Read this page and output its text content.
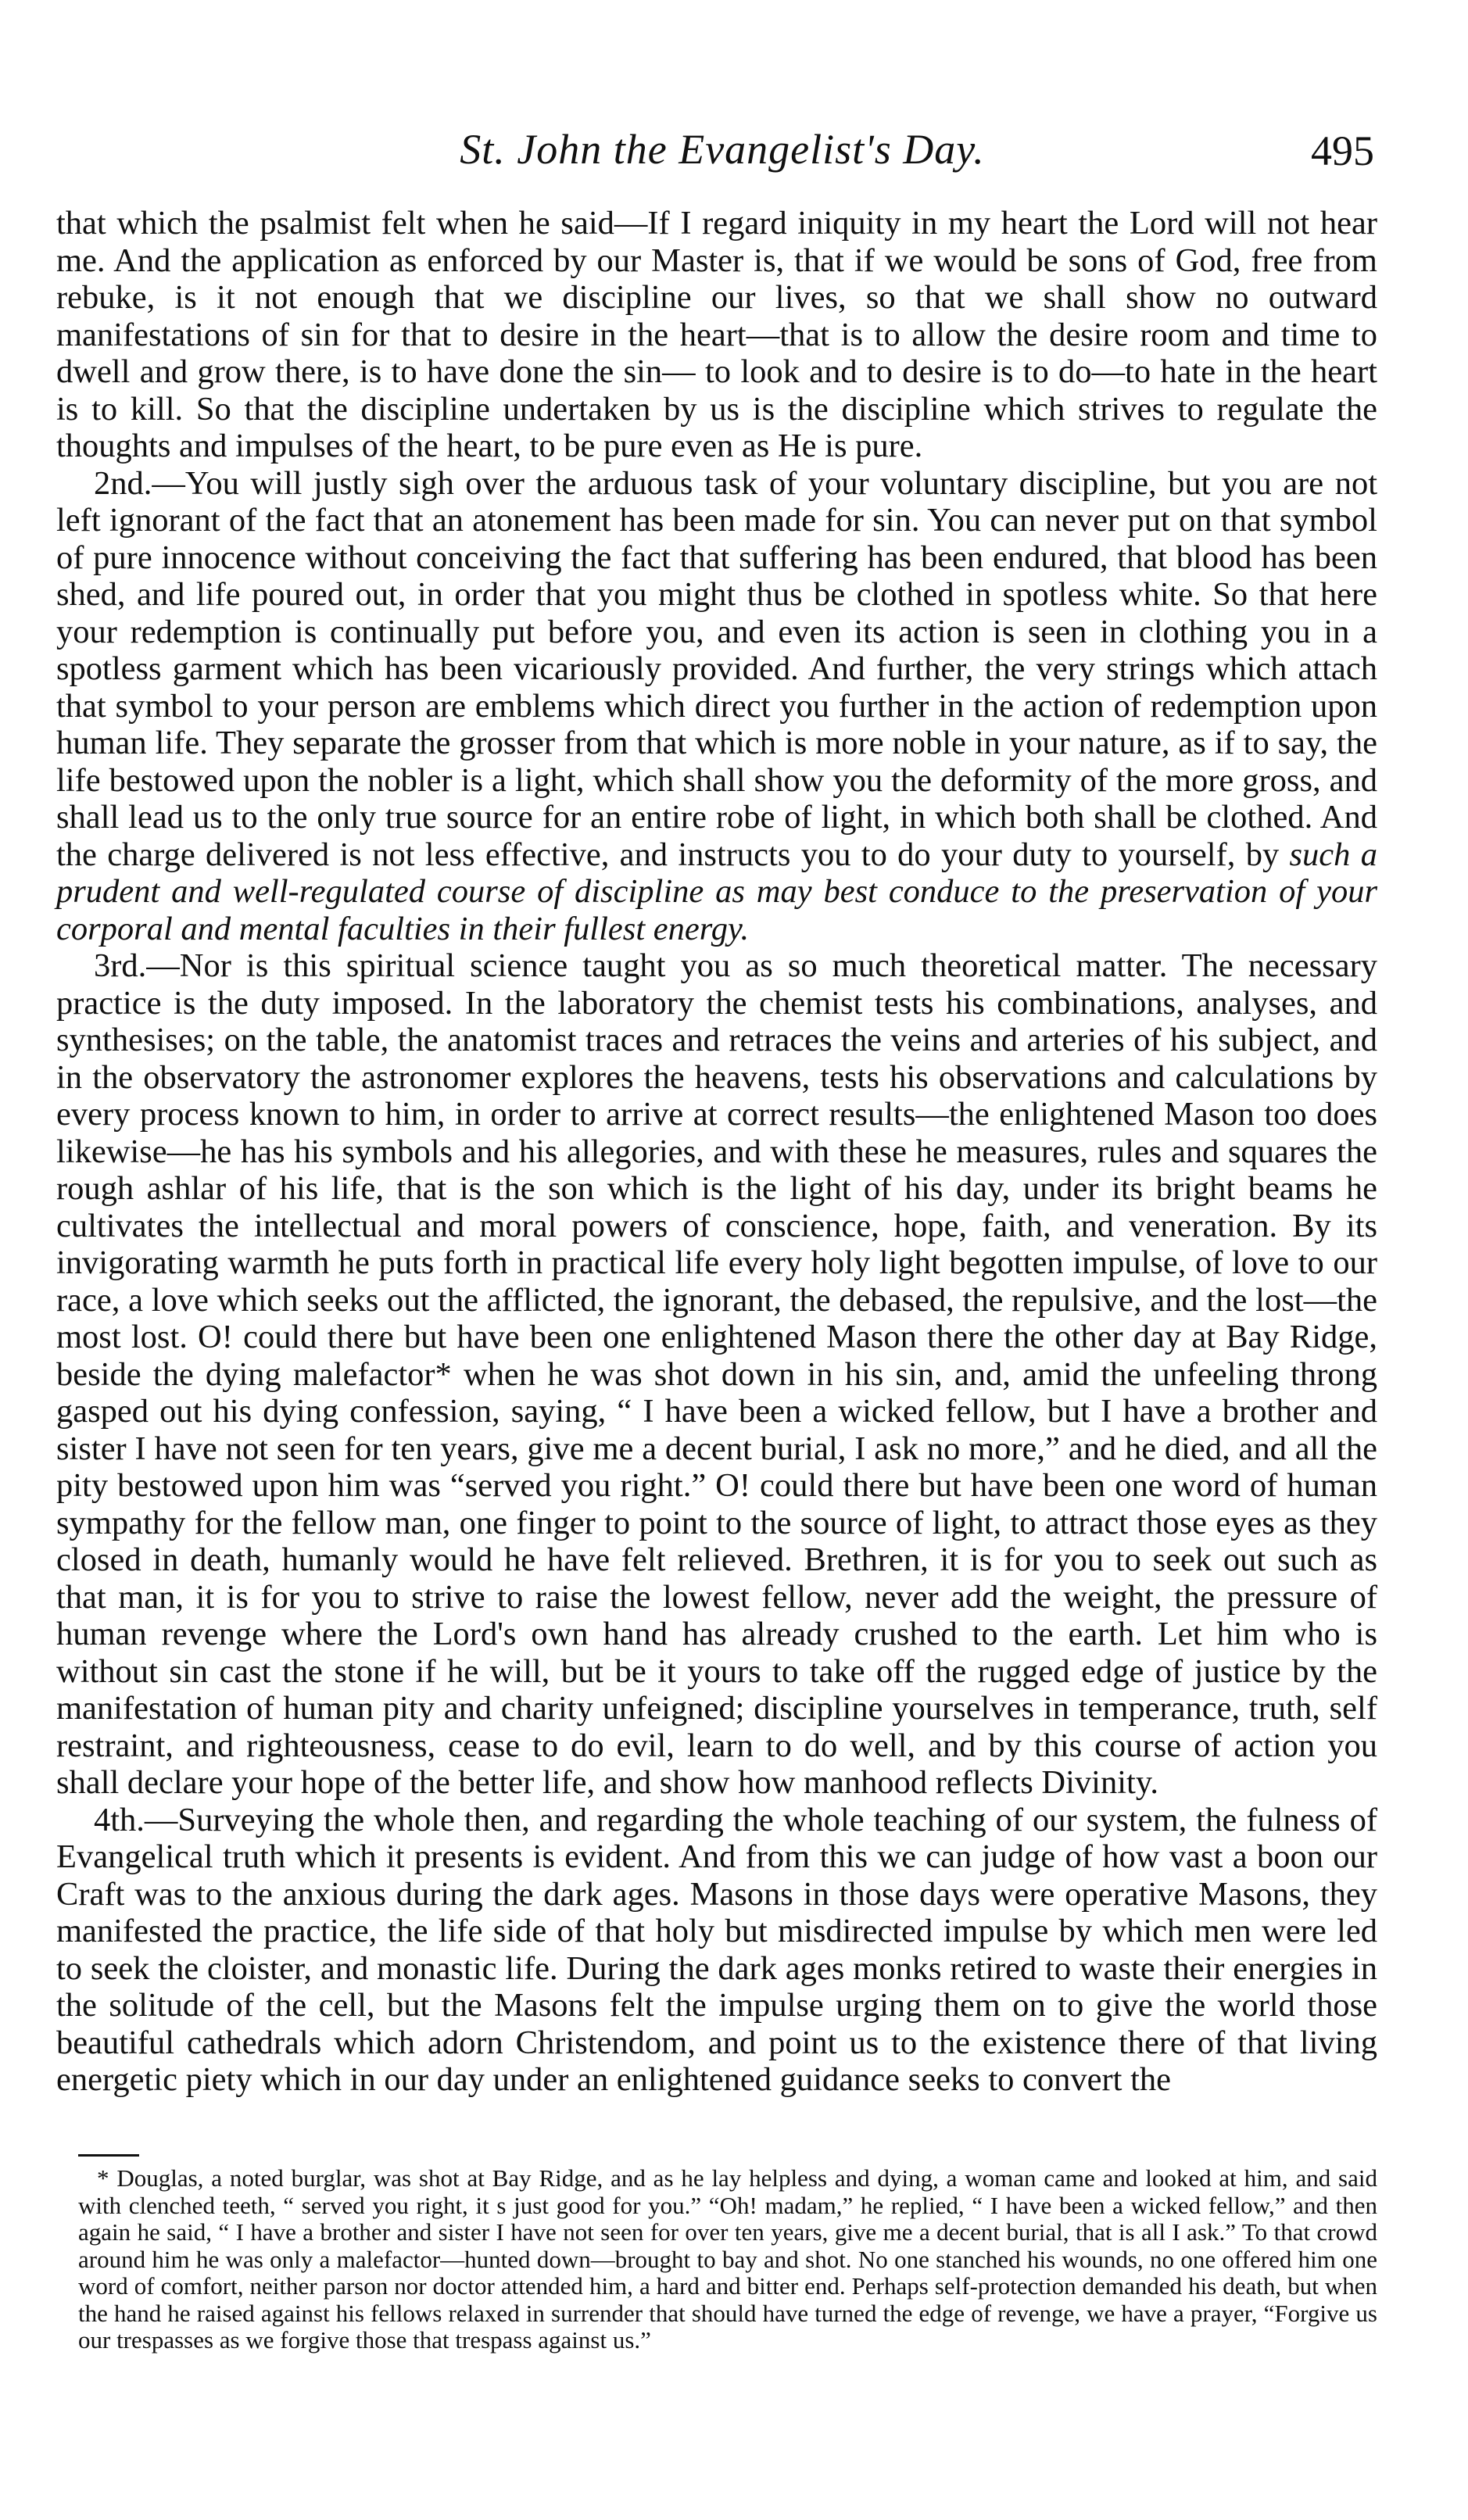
St. John the Evangelist's Day.	495

that which the psalmist felt when he said—If I regard iniquity in my heart the Lord will not hear me. And the application as enforced by our Master is, that if we would be sons of God, free from rebuke, is it not enough that we discipline our lives, so that we shall show no outward manifestations of sin for that to desire in the heart—that is to allow the desire room and time to dwell and grow there, is to have done the sin— to look and to desire is to do—to hate in the heart is to kill. So that the discipline undertaken by us is the discipline which strives to regulate the thoughts and impulses of the heart, to be pure even as He is pure.

2nd.—You will justly sigh over the arduous task of your voluntary discipline, but you are not left ignorant of the fact that an atonement has been made for sin. You can never put on that symbol of pure innocence without conceiving the fact that suffering has been endured, that blood has been shed, and life poured out, in order that you might thus be clothed in spotless white. So that here your redemption is continually put before you, and even its action is seen in clothing you in a spotless garment which has been vicariously provided. And further, the very strings which attach that symbol to your person are emblems which direct you further in the action of redemption upon human life. They separate the grosser from that which is more noble in your nature, as if to say, the life bestowed upon the nobler is a light, which shall show you the deformity of the more gross, and shall lead us to the only true source for an entire robe of light, in which both shall be clothed. And the charge delivered is not less effective, and instructs you to do your duty to yourself, by such a prudent and well-regulated course of discipline as may best conduce to the preservation of your corporal and mental faculties in their fullest energy.

3rd.—Nor is this spiritual science taught you as so much theoretical matter. The necessary practice is the duty imposed. In the laboratory the chemist tests his combinations, analyses, and synthesises; on the table, the anatomist traces and retraces the veins and arteries of his subject, and in the observatory the astronomer explores the heavens, tests his observations and calculations by every process known to him, in order to arrive at correct results—the enlightened Mason too does likewise—he has his symbols and his allegories, and with these he measures, rules and squares the rough ashlar of his life, that is the son which is the light of his day, under its bright beams he cultivates the intellectual and moral powers of conscience, hope, faith, and veneration. By its invigorating warmth he puts forth in practical life every holy light begotten impulse, of love to our race, a love which seeks out the afflicted, the ignorant, the debased, the repulsive, and the lost—the most lost. O! could there but have been one enlightened Mason there the other day at Bay Ridge, beside the dying malefactor* when he was shot down in his sin, and, amid the unfeeling throng gasped out his dying confession, saying, “ I have been a wicked fellow, but I have a brother and sister I have not seen for ten years, give me a decent burial, I ask no more,” and he died, and all the pity bestowed upon him was “served you right.” O! could there but have been one word of human sympathy for the fellow man, one finger to point to the source of light, to attract those eyes as they closed in death, humanly would he have felt relieved. Brethren, it is for you to seek out such as that man, it is for you to strive to raise the lowest fellow, never add the weight, the pressure of human revenge where the Lord's own hand has already crushed to the earth. Let him who is without sin cast the stone if he will, but be it yours to take off the rugged edge of justice by the manifestation of human pity and charity unfeigned; discipline yourselves in temperance, truth, self restraint, and righteousness, cease to do evil, learn to do well, and by this course of action you shall declare your hope of the better life, and show how manhood reflects Divinity.

4th.—Surveying the whole then, and regarding the whole teaching of our system, the fulness of Evangelical truth which it presents is evident. And from this we can judge of how vast a boon our Craft was to the anxious during the dark ages. Masons in those days were operative Masons, they manifested the practice, the life side of that holy but misdirected impulse by which men were led to seek the cloister, and monastic life. During the dark ages monks retired to waste their energies in the solitude of the cell, but the Masons felt the impulse urging them on to give the world those beautiful cathedrals which adorn Christendom, and point us to the existence there of that living energetic piety which in our day under an enlightened guidance seeks to convert the

* Douglas, a noted burglar, was shot at Bay Ridge, and as he lay helpless and dying, a woman came and looked at him, and said with clenched teeth, “ served you right, it s just good for you.” “Oh! madam,” he replied, “ I have been a wicked fellow,” and then again he said, “ I have a brother and sister I have not seen for over ten years, give me a decent burial, that is all I ask.” To that crowd around him he was only a malefactor—hunted down—brought to bay and shot. No one stanched his wounds, no one offered him one word of comfort, neither parson nor doctor attended him, a hard and bitter end. Perhaps self-protection demanded his death, but when the hand he raised against his fellows relaxed in surrender that should have turned the edge of revenge, we have a prayer, “Forgive us our trespasses as we forgive those that trespass against us.”
